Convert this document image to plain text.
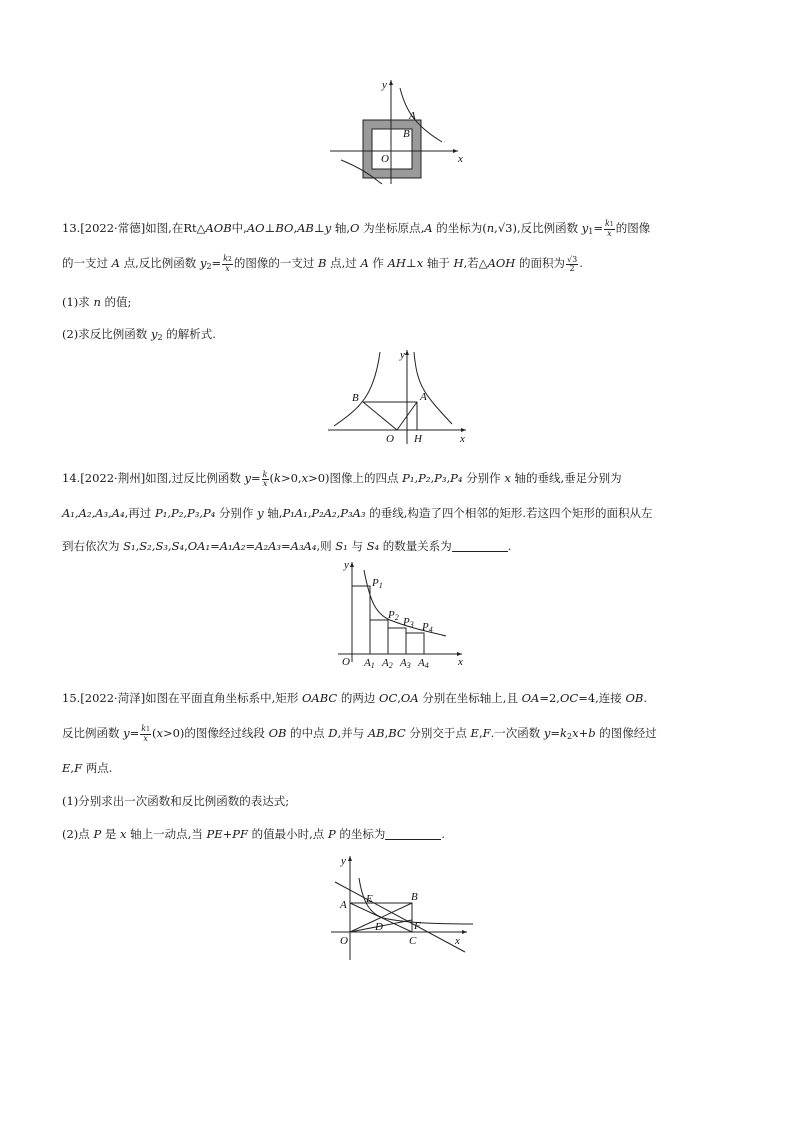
A
B
O	x
y
13.[2022·常德]如图,在Rt△AOB中,AO⊥BO,AB⊥y 轴,O 为坐标原点,A 的坐标为(n,√3),反比例函数 $y_1= \frac{k1}{x}$ 的图像
的一支过 A 点,反比例函数 $y_2= \frac{k2}{x}$ 的图像的一支过 B 点,过 A 作 AH⊥x 轴于 H,若△AOH 的面积为 $\frac{√3}{2}$ .
(1)求 n 的值;
(2)求反比例函数 $y_2$ 的解析式.
B	A
O H	x
y
14.[2022·荆州]如图,过反比例函数 $y= \frac{k}{x} (k>0,x>0)$图像上的四点 P₁,P₂,P₃,P₄ 分别作 x 轴的垂线,垂足分别为
A₁,A₂,A₃,A₄,再过 P₁,P₂,P₃,P₄ 分别作 y 轴,P₁A₁,P₂A₂,P₃A₃ 的垂线,构造了四个相邻的矩形.若这四个矩形的面积从左
到右依次为 S₁,S₂,S₃,S₄,OA₁=A₁A₂=A₂A₃=A₃A₄,则 S₁ 与 S₄ 的数量关系为	.
y
x
O
P1
P2 P3 P4
A1 A2 A3 A4
15.[2022·菏泽]如图在平面直角坐标系中,矩形 OABC 的两边 OC,OA 分别在坐标轴上,且 OA=2,OC=4,连接 OB.
反比例函数 $y= \frac{k1}{x} (x>0)$的图像经过线段 OB 的中点 D,并与 AB,BC 分别交于点 E,F.一次函数 $y=k_2x+b$ 的图像经过
E,F 两点.
(1)分别求出一次函数和反比例函数的表达式;
(2)点 P 是 x 轴上一动点,当 PE+PF 的值最小时,点 P 的坐标为	.
A E	B
F
D
O	C	x
y
